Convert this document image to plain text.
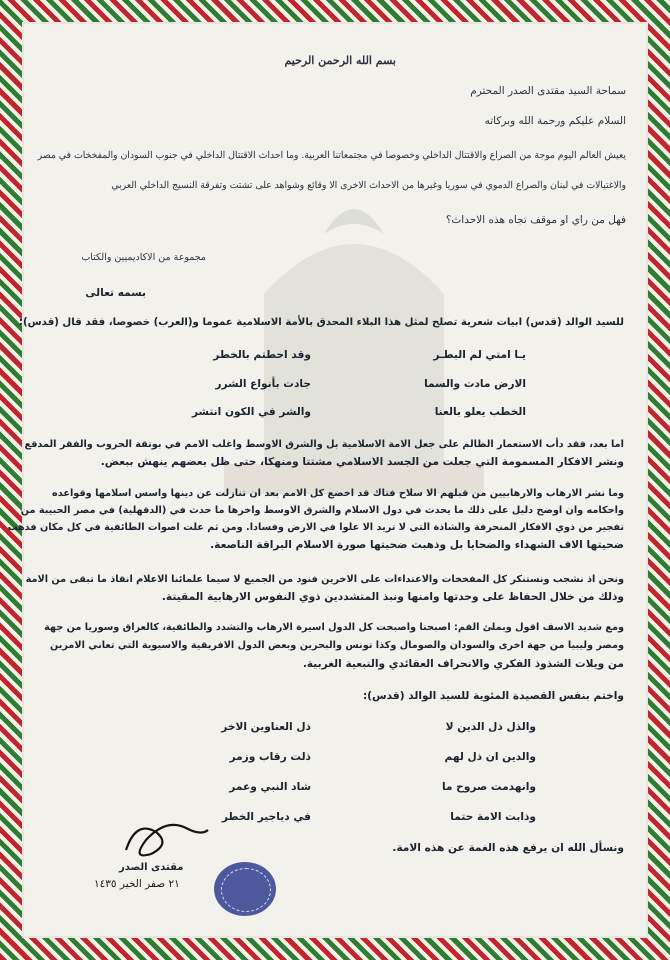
بسم الله الرحمن الرحيم
سماحة السيد مقتدى الصدر المحترم
السلام عليكم ورحمة الله وبركاته
يعيش العالم اليوم موجة من الصراع والاقتتال الداخلي وخصوصا في مجتمعاتنا العربية. وما احداث الاقتتال الداخلي في جنوب السودان والمفخخات في مصر
والاغتيالات في لبنان والصراع الدموي في سوريا وغيرها من الاحداث الاخرى الا وقائع وشواهد على تشتت وتفرقة النسيج الداخلي العربي
فهل من راي او موقف تجاه هذه الاحداث؟
مجموعة من الاكاديميين والكتاب
بسمه تعالى
للسيد الوالد (قدس) ابيات شعرية تصلح لمثل هذا البلاء المحدق بالأمة الاسلامية عموما و(العرب) خصوصا، فقد قال (قدس):
يـا امتي لم البطـر
وقد احطتم بالخطر
الارض مادت والسما
جادت بأنواع الشرر
الخطب يعلو بالعنا
والشر في الكون انتشر
اما بعد، فقد دأب الاستعمار الظالم على جعل الامة الاسلامية بل والشرق الاوسط واغلب الامم في بوتقة الحروب والفقر المدقع
ونشر الافكار المسمومة التي جعلت من الجسد الاسلامي مشتتا ومنهكا، حتى ظل بعضهم ينهش ببعض.
وما نشر الارهاب والارهابيين من قبلهم الا سلاح فتاك قد اخضع كل الامم بعد ان تنازلت عن دينها واسس اسلامها وقواعده
واحكامه وان اوضح دليل على ذلك ما يحدث في دول الاسلام والشرق الاوسط واخرها ما حدث في (الدقهلية) في مصر الحبيبة من
تفجير من ذوي الافكار المنحرفة والشاذة التي لا تريد الا علوا في الارض وفسادا. ومن ثم علت اصوات الطائفية في كل مكان فذهب
ضحيتها الاف الشهداء والضحايا بل وذهبت ضحيتها صورة الاسلام البراقة الناصعة.
ونحن اذ نشجب ونستنكر كل المفخخات والاعتداءات على الاخرين فنود من الجميع لا سيما علمائنا الاعلام انقاذ ما تبقى من الامة
وذلك من خلال الحفاظ على وحدتها وامنها ونبذ المتشددين ذوي النفوس الارهابية المقيتة.
ومع شديد الاسف اقول وبملئ الفم: اصبحنا واصبحت كل الدول اسيرة الارهاب والتشدد والطائفية، كالعراق وسوريا من جهة
ومصر وليبيا من جهة اخرى والسودان والصومال وكذا تونس والبحرين وبعض الدول الافريقية والاسيوية التي تعاني الامرين
من ويلات الشذوذ الفكري والانحراف العقائدي والتبعية الغربية.
واختم بنفس القصيدة المئوية للسيد الوالد (قدس):
والذل ذل الدين لا
ذل العناوين الاخر
والدين ان ذل لهم
ذلت رقاب وزمر
وانهدمت صروح ما
شاد النبي وعمر
وذابت الامة حتما
في دياجير الخطر
ونسأل الله ان يرفع هذه الغمة عن هذه الامة.
مقتدى الصدر
٢١ صفر الخير ١٤٣٥
